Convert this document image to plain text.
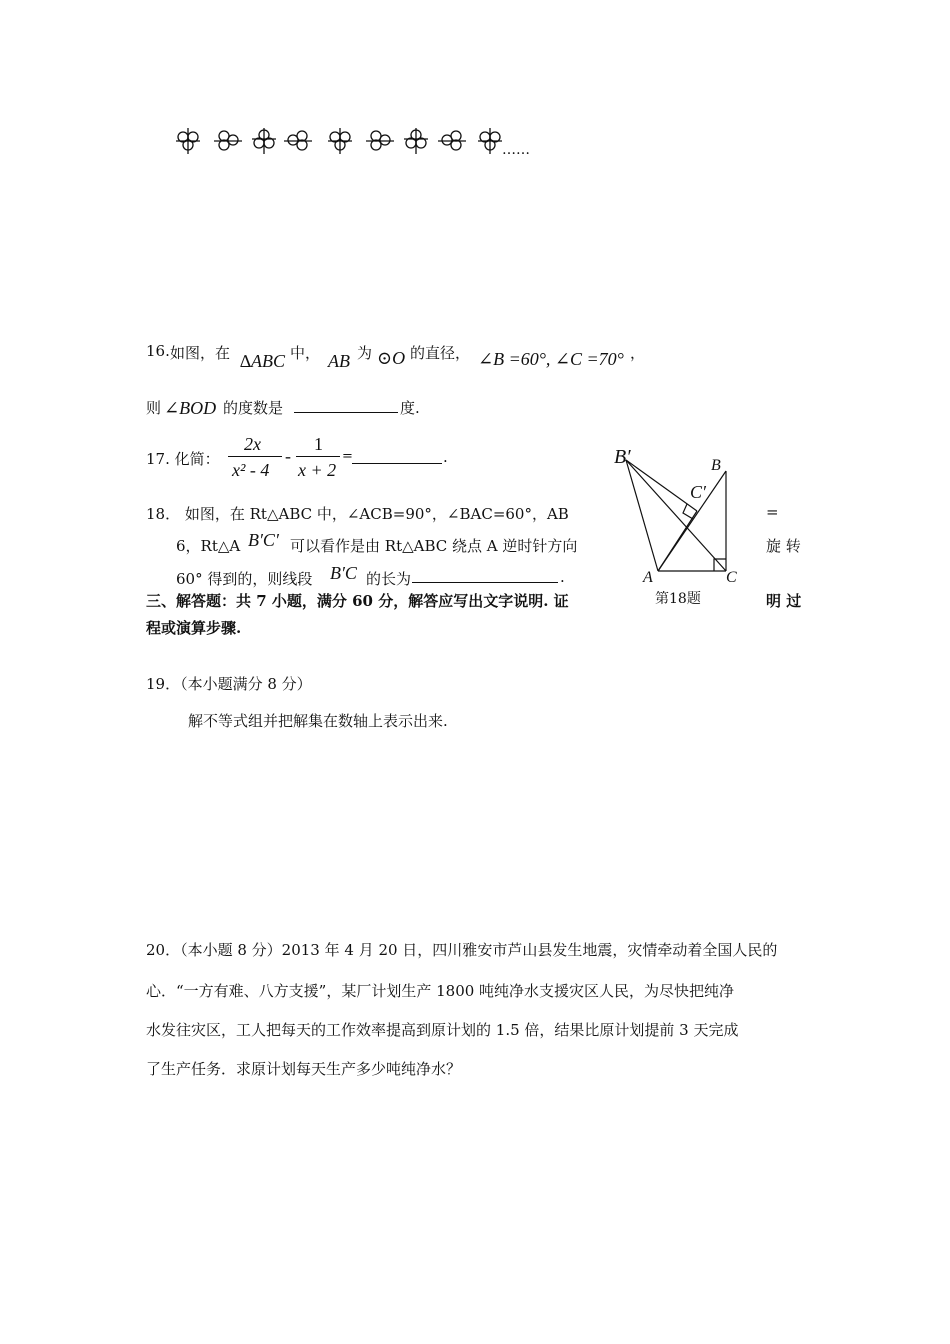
……
16. 如图，在 ∆ABC 中， AB 为 ⊙O 的直径， ∠B =60°, ∠C =70° ，
则 ∠BOD 的度数是	度.
17. 化简：
2x
x² - 4
-
1
x + 2
=	.
18． 如图，在 Rt△ABC 中，∠ACB=90°，∠BAC=60°，AB	=
6，Rt△A B′C′ 可以看作是由 Rt△ABC 绕点 A 逆时针方向	旋 转
60° 得到的，则线段 B′C 的长为	.
B′	B
C′
A	C
第18题
三、解答题：共 7 小题，满分 60 分，解答应写出文字说明. 证	明 过
程或演算步骤.
19．（本小题满分 8 分）
解不等式组并把解集在数轴上表示出来.
20．（本小题 8 分）2013 年 4 月 20 日，四川雅安市芦山县发生地震，灾情牵动着全国人民的
心．“一方有难、八方支援”，某厂计划生产 1800 吨纯净水支援灾区人民，为尽快把纯净
水发往灾区，工人把每天的工作效率提高到原计划的 1.5 倍，结果比原计划提前 3 天完成
了生产任务．求原计划每天生产多少吨纯净水？
